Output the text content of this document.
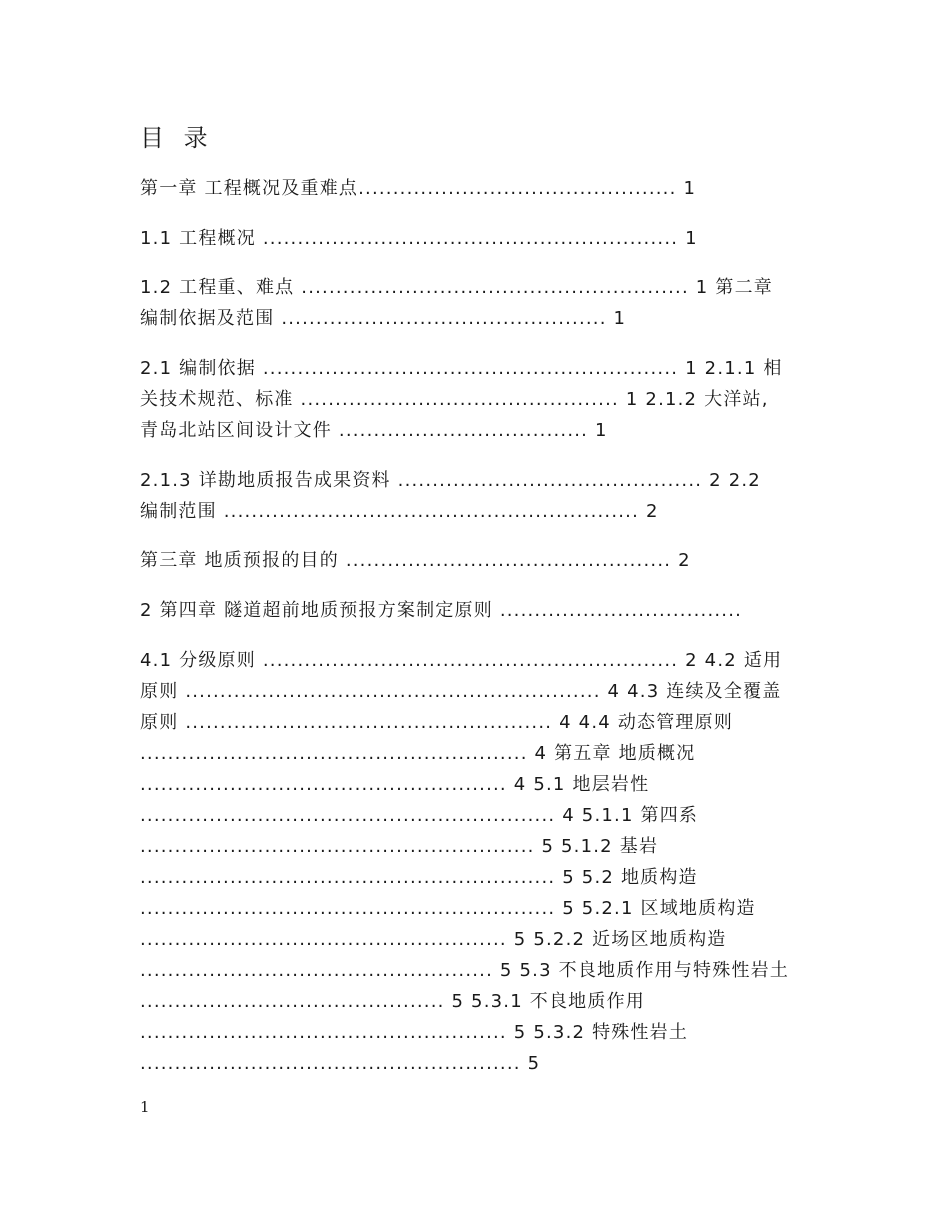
目 录
第一章 工程概况及重难点.............................................. 1
1.1 工程概况 ............................................................ 1
1.2 工程重、难点 ........................................................ 1 第二章
编制依据及范围 ............................................... 1
2.1 编制依据 ............................................................ 1 2.1.1 相
关技术规范、标准 .............................................. 1 2.1.2 大洋站,
青岛北站区间设计文件 .................................... 1
2.1.3 详勘地质报告成果资料 ............................................ 2 2.2
编制范围 ............................................................ 2
第三章 地质预报的目的 ............................................... 2
2 第四章 隧道超前地质预报方案制定原则 ...................................
4.1 分级原则 ............................................................ 2 4.2 适用
原则 ............................................................ 4 4.3 连续及全覆盖
原则 ..................................................... 4 4.4 动态管理原则
........................................................ 4 第五章 地质概况
..................................................... 4 5.1 地层岩性
............................................................ 4 5.1.1 第四系
......................................................... 5 5.1.2 基岩
............................................................ 5 5.2 地质构造
............................................................ 5 5.2.1 区域地质构造
..................................................... 5 5.2.2 近场区地质构造
................................................... 5 5.3 不良地质作用与特殊性岩土
............................................ 5 5.3.1 不良地质作用
..................................................... 5 5.3.2 特殊性岩土
....................................................... 5
1
